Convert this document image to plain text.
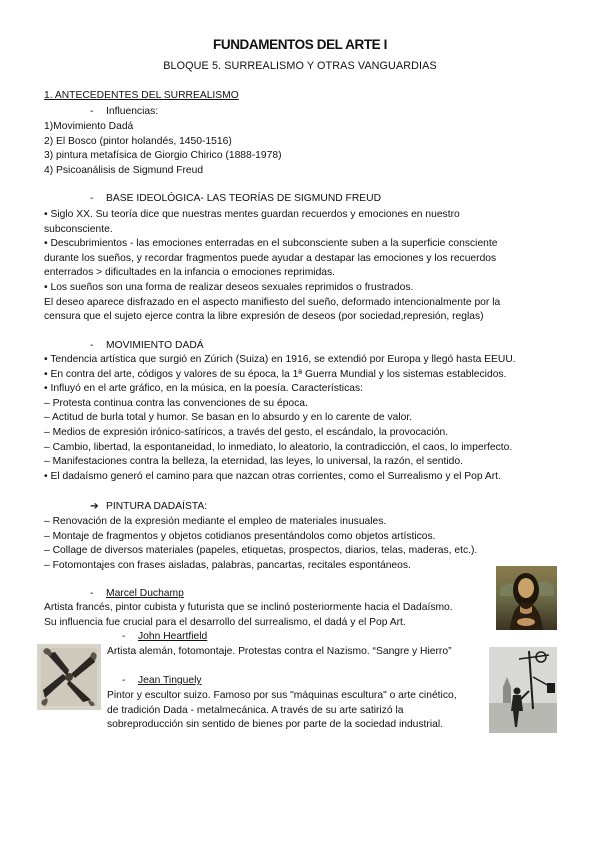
FUNDAMENTOS DEL ARTE I
BLOQUE 5. SURREALISMO Y OTRAS VANGUARDIAS
1. ANTECEDENTES DEL SURREALISMO
- Influencias:
1)Movimiento Dadá
2) El Bosco (pintor holandés, 1450-1516)
3) pintura metafísica de Giorgio Chirico (1888-1978)
4) Psicoanálisis de Sigmund Freud
- BASE IDEOLÓGICA- LAS TEORÍAS DE SIGMUND FREUD
• Siglo XX. Su teoría dice que nuestras mentes guardan recuerdos y emociones en nuestro
subconsciente.
• Descubrimientos - las emociones enterradas en el subconsciente suben a la superficie consciente
durante los sueños, y recordar fragmentos puede ayudar a destapar las emociones y los recuerdos
enterrados > dificultades en la infancia o emociones reprimidas.
• Los sueños son una forma de realizar deseos sexuales reprimidos o frustrados.
El deseo aparece disfrazado en el aspecto manifiesto del sueño, deformado intencionalmente por la
censura que el sujeto ejerce contra la libre expresión de deseos (por sociedad,represión, reglas)
- MOVIMIENTO DADÁ
• Tendencia artística que surgió en Zúrich (Suiza) en 1916, se extendió por Europa y llegó hasta EEUU.
• En contra del arte, códigos y valores de su época, la 1ª Guerra Mundial y los sistemas establecidos.
• Influyó en el arte gráfico, en la música, en la poesía. Características:
– Protesta continua contra las convenciones de su época.
– Actitud de burla total y humor. Se basan en lo absurdo y en lo carente de valor.
– Medios de expresión irónico-satíricos, a través del gesto, el escándalo, la provocación.
– Cambio, libertad, la espontaneidad, lo inmediato, lo aleatorio, la contradicción, el caos, lo imperfecto.
– Manifestaciones contra la belleza, la eternidad, las leyes, lo universal, la razón, el sentido.
• El dadaísmo generó el camino para que nazcan otras corrientes, como el Surrealismo y el Pop Art.
➔ PINTURA DADAÍSTA:
– Renovación de la expresión mediante el empleo de materiales inusuales.
– Montaje de fragmentos y objetos cotidianos presentándolos como objetos artísticos.
– Collage de diversos materiales (papeles, etiquetas, prospectos, diarios, telas, maderas, etc.).
– Fotomontajes con frases aisladas, palabras, pancartas, recitales espontáneos.
- Marcel Duchamp
Artista francés, pintor cubista y futurista que se inclinó posteriormente hacia el Dadaísmo.
Su influencia fue crucial para el desarrollo del surrealismo, el dadá y el Pop Art.
- John Heartfield
Artista alemán, fotomontaje. Protestas contra el Nazismo. “Sangre y Hierro”
- Jean Tinguely
Pintor y escultor suizo. Famoso por sus "máquinas escultura" o arte cinético,
de tradición Dada - metalmecánica. A través de su arte satirizó la
sobreproducción sin sentido de bienes por parte de la sociedad industrial.
